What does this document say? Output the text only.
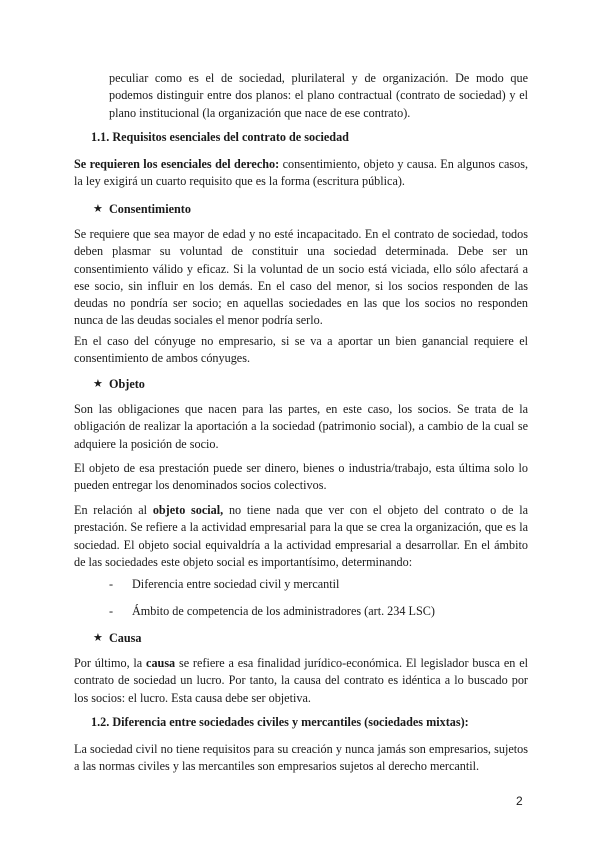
peculiar como es el de sociedad, plurilateral y de organización. De modo que podemos distinguir entre dos planos: el plano contractual (contrato de sociedad) y el plano institucional (la organización que nace de ese contrato).

1.1. Requisitos esenciales del contrato de sociedad

Se requieren los esenciales del derecho: consentimiento, objeto y causa. En algunos casos, la ley exigirá un cuarto requisito que es la forma (escritura pública).

★ Consentimiento

Se requiere que sea mayor de edad y no esté incapacitado. En el contrato de sociedad, todos deben plasmar su voluntad de constituir una sociedad determinada. Debe ser un consentimiento válido y eficaz. Si la voluntad de un socio está viciada, ello sólo afectará a ese socio, sin influir en los demás. En el caso del menor, si los socios responden de las deudas no pondría ser socio; en aquellas sociedades en las que los socios no responden nunca de las deudas sociales el menor podría serlo.

En el caso del cónyuge no empresario, si se va a aportar un bien ganancial requiere el consentimiento de ambos cónyuges.

★ Objeto

Son las obligaciones que nacen para las partes, en este caso, los socios. Se trata de la obligación de realizar la aportación a la sociedad (patrimonio social), a cambio de la cual se adquiere la posición de socio.

El objeto de esa prestación puede ser dinero, bienes o industria/trabajo, esta última solo lo pueden entregar los denominados socios colectivos.

En relación al objeto social, no tiene nada que ver con el objeto del contrato o de la prestación. Se refiere a la actividad empresarial para la que se crea la organización, que es la sociedad. El objeto social equivaldría a la actividad empresarial a desarrollar. En el ámbito de las sociedades este objeto social es importantísimo, determinando:

- Diferencia entre sociedad civil y mercantil
- Ámbito de competencia de los administradores (art. 234 LSC)
★ Causa

Por último, la causa se refiere a esa finalidad jurídico-económica. El legislador busca en el contrato de sociedad un lucro. Por tanto, la causa del contrato es idéntica a lo buscado por los socios: el lucro. Esta causa debe ser objetiva.

1.2. Diferencia entre sociedades civiles y mercantiles (sociedades mixtas):

La sociedad civil no tiene requisitos para su creación y nunca jamás son empresarios, sujetos a las normas civiles y las mercantiles son empresarios sujetos al derecho mercantil.

2
